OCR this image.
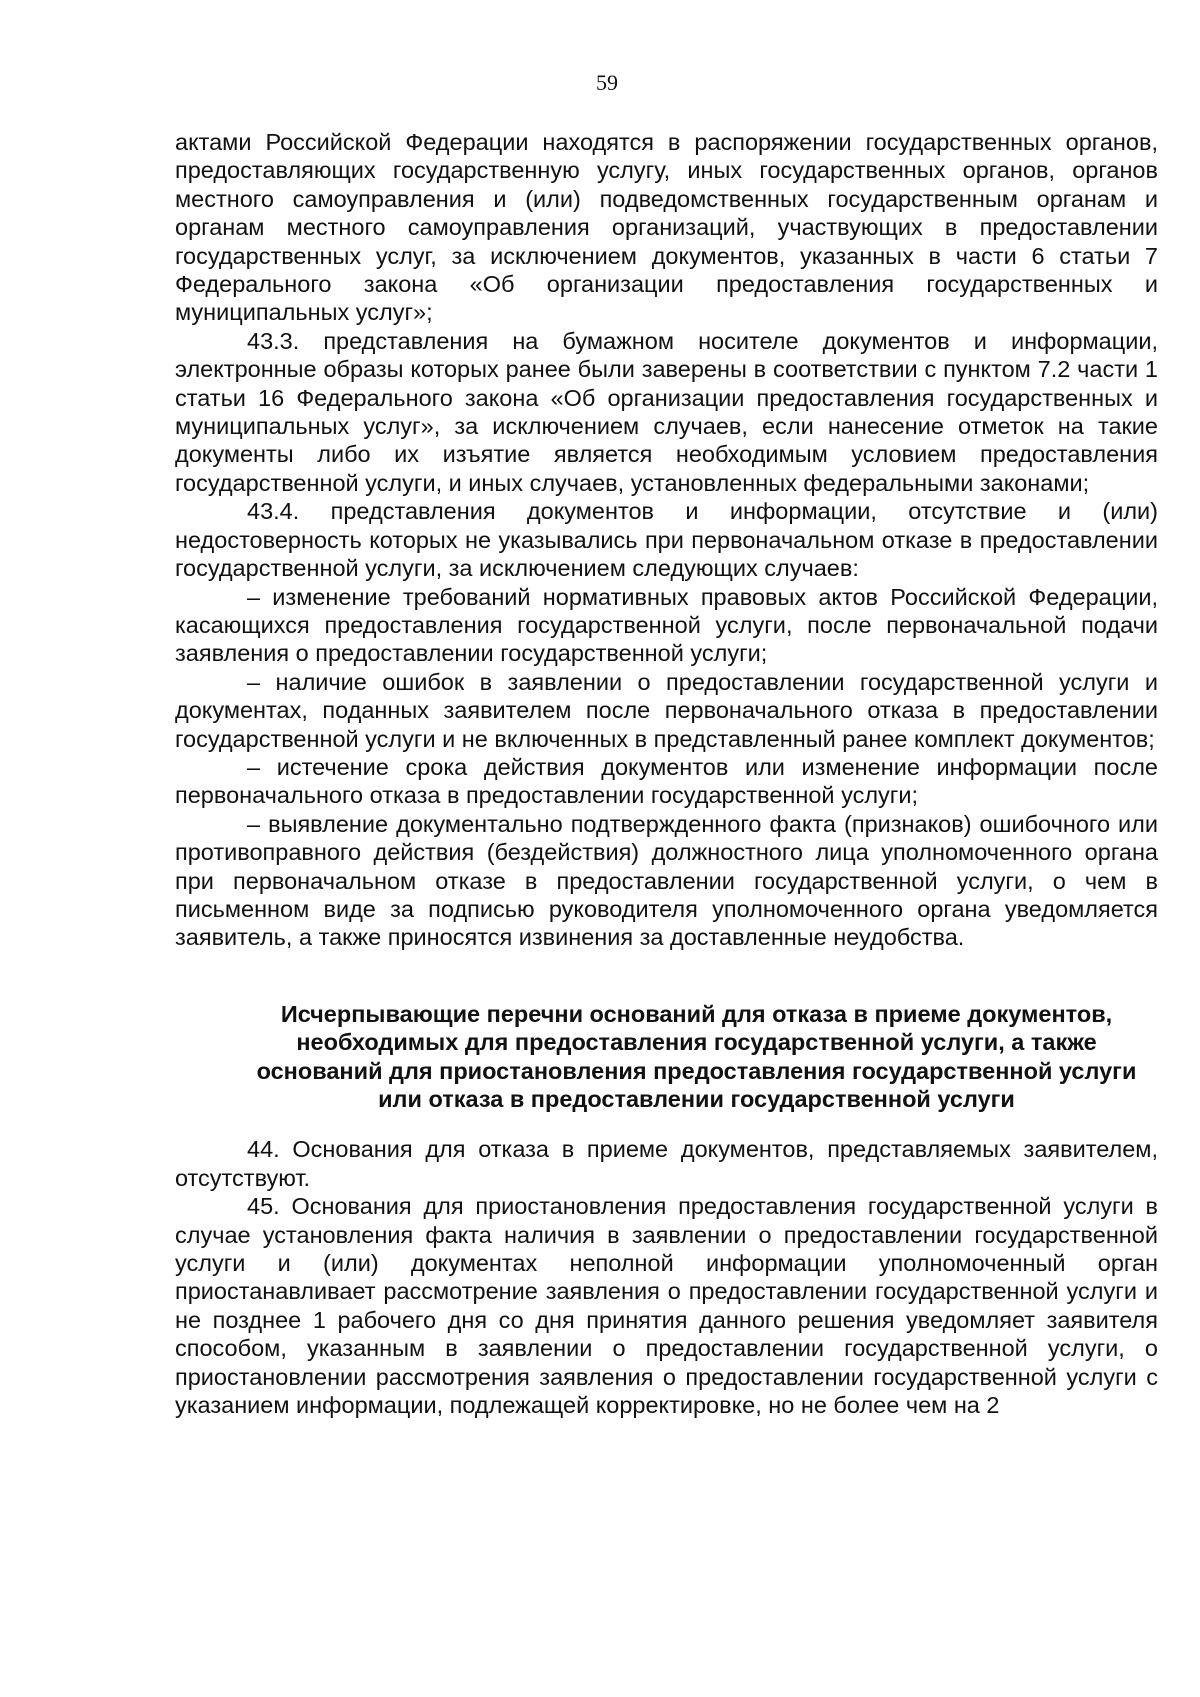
59

актами Российской Федерации находятся в распоряжении государственных органов, предоставляющих государственную услугу, иных государственных органов, органов местного самоуправления и (или) подведомственных государственным органам и органам местного самоуправления организаций, участвующих в предоставлении государственных услуг, за исключением документов, указанных в части 6 статьи 7 Федерального закона «Об организации предоставления государственных и муниципальных услуг»;

43.3. представления на бумажном носителе документов и информации, электронные образы которых ранее были заверены в соответствии с пунктом 7.2 части 1 статьи 16 Федерального закона «Об организации предоставления государственных и муниципальных услуг», за исключением случаев, если нанесение отметок на такие документы либо их изъятие является необходимым условием предоставления государственной услуги, и иных случаев, установленных федеральными законами;

43.4. представления документов и информации, отсутствие и (или) недостоверность которых не указывались при первоначальном отказе в предоставлении государственной услуги, за исключением следующих случаев:

– изменение требований нормативных правовых актов Российской Федерации, касающихся предоставления государственной услуги, после первоначальной подачи заявления о предоставлении государственной услуги;

– наличие ошибок в заявлении о предоставлении государственной услуги и документах, поданных заявителем после первоначального отказа в предоставлении государственной услуги и не включенных в представленный ранее комплект документов;

– истечение срока действия документов или изменение информации после первоначального отказа в предоставлении государственной услуги;

– выявление документально подтвержденного факта (признаков) ошибочного или противоправного действия (бездействия) должностного лица уполномоченного органа при первоначальном отказе в предоставлении государственной услуги, о чем в письменном виде за подписью руководителя уполномоченного органа уведомляется заявитель, а также приносятся извинения за доставленные неудобства.

Исчерпывающие перечни оснований для отказа в приеме документов, необходимых для предоставления государственной услуги, а также оснований для приостановления предоставления государственной услуги или отказа в предоставлении государственной услуги

44. Основания для отказа в приеме документов, представляемых заявителем, отсутствуют.

45. Основания для приостановления предоставления государственной услуги в случае установления факта наличия в заявлении о предоставлении государственной услуги и (или) документах неполной информации уполномоченный орган приостанавливает рассмотрение заявления о предоставлении государственной услуги и не позднее 1 рабочего дня со дня принятия данного решения уведомляет заявителя способом, указанным в заявлении о предоставлении государственной услуги, о приостановлении рассмотрения заявления о предоставлении государственной услуги с указанием информации, подлежащей корректировке, но не более чем на 2
